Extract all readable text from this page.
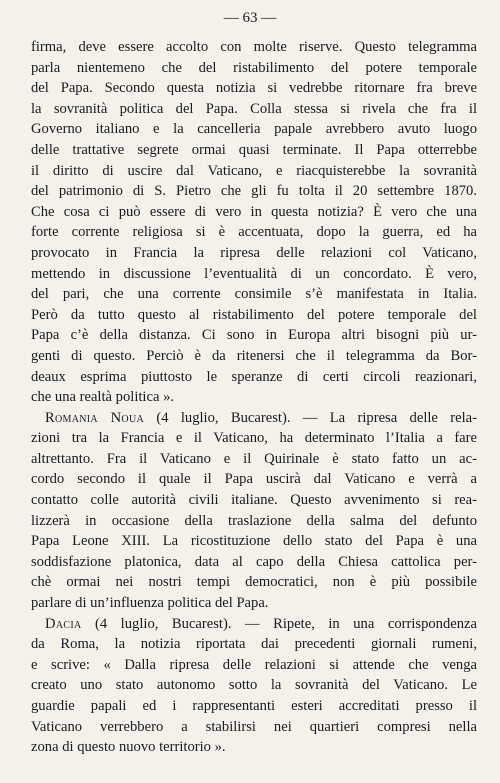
— 63 —
firma, deve essere accolto con molte riserve. Questo telegramma
parla nientemeno che del ristabilimento del potere temporale
del Papa. Secondo questa notizia si vedrebbe ritornare fra breve
la sovranità politica del Papa. Colla stessa si rivela che fra il
Governo italiano e la cancelleria papale avrebbero avuto luogo
delle trattative segrete ormai quasi terminate. Il Papa otterrebbe
il diritto di uscire dal Vaticano, e riacquisterebbe la sovranità
del patrimonio di S. Pietro che gli fu tolta il 20 settembre 1870.
Che cosa ci può essere di vero in questa notizia? È vero che una
forte corrente religiosa si è accentuata, dopo la guerra, ed ha
provocato in Francia la ripresa delle relazioni col Vaticano,
mettendo in discussione l’eventualità di un concordato. È vero,
del pari, che una corrente consimile s’è manifestata in Italia.
Però da tutto questo al ristabilimento del potere temporale del
Papa c’è della distanza. Ci sono in Europa altri bisogni più ur-
genti di questo. Perciò è da ritenersi che il telegramma da Bor-
deaux esprima piuttosto le speranze di certi circoli reazionari,
che una realtà politica ».
Romania Noua (4 luglio, Bucarest). — La ripresa delle rela-
zioni tra la Francia e il Vaticano, ha determinato l’Italia a fare
altrettanto. Fra il Vaticano e il Quirinale è stato fatto un ac-
cordo secondo il quale il Papa uscirà dal Vaticano e verrà a
contatto colle autorità civili italiane. Questo avvenimento si rea-
lizzerà in occasione della traslazione della salma del defunto
Papa Leone XIII. La ricostituzione dello stato del Papa è una
soddisfazione platonica, data al capo della Chiesa cattolica per-
chè ormai nei nostri tempi democratici, non è più possibile
parlare di un’influenza politica del Papa.
Dacia (4 luglio, Bucarest). — Ripete, in una corrispondenza
da Roma, la notizia riportata dai precedenti giornali rumeni,
e scrive: « Dalla ripresa delle relazioni si attende che venga
creato uno stato autonomo sotto la sovranità del Vaticano. Le
guardie papali ed i rappresentanti esteri accreditati presso il
Vaticano verrebbero a stabilirsi nei quartieri compresi nella
zona di questo nuovo territorio ».
